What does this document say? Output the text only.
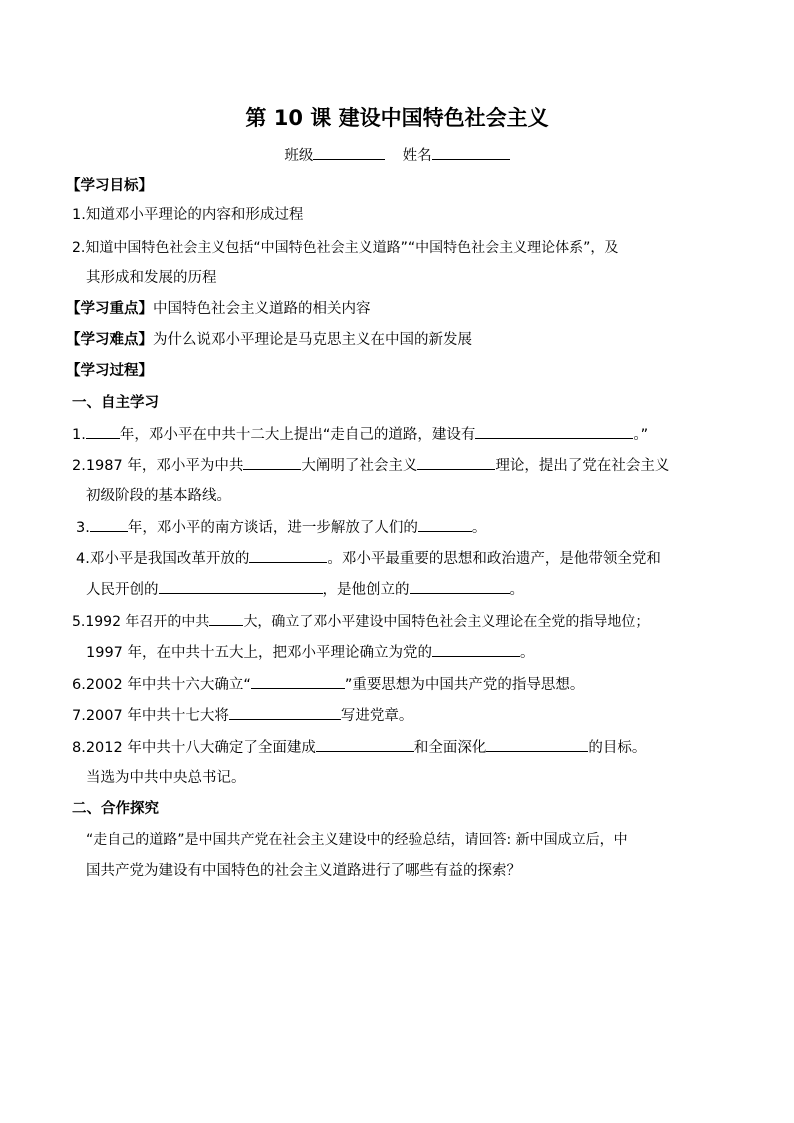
第 10 课 建设中国特色社会主义
班级	姓名
【学习目标】
1.知道邓小平理论的内容和形成过程
2.知道中国特色社会主义包括“中国特色社会主义道路”“中国特色社会主义理论体系”，及
其形成和发展的历程
【学习重点】中国特色社会主义道路的相关内容
【学习难点】为什么说邓小平理论是马克思主义在中国的新发展
【学习过程】
一、自主学习
1. 年，邓小平在中共十二大上提出“走自己的道路，建设有	。”
2.1987 年，邓小平为中共	大阐明了社会主义	理论，提出了党在社会主义
初级阶段的基本路线。
3.	年，邓小平的南方谈话，进一步解放了人们的	。
4.邓小平是我国改革开放的	。邓小平最重要的思想和政治遗产，是他带领全党和
人民开创的	，是他创立的	。
5.1992 年召开的中共 大，确立了邓小平建设中国特色社会主义理论在全党的指导地位；
1997 年，在中共十五大上，把邓小平理论确立为党的	。
6.2002 年中共十六大确立“	”重要思想为中国共产党的指导思想。
7.2007 年中共十七大将	写进党章。
8.2012 年中共十八大确定了全面建成	和全面深化	的目标。
当选为中共中央总书记。
二、合作探究
“走自己的道路”是中国共产党在社会主义建设中的经验总结，请回答: 新中国成立后，中
国共产党为建设有中国特色的社会主义道路进行了哪些有益的探索？
